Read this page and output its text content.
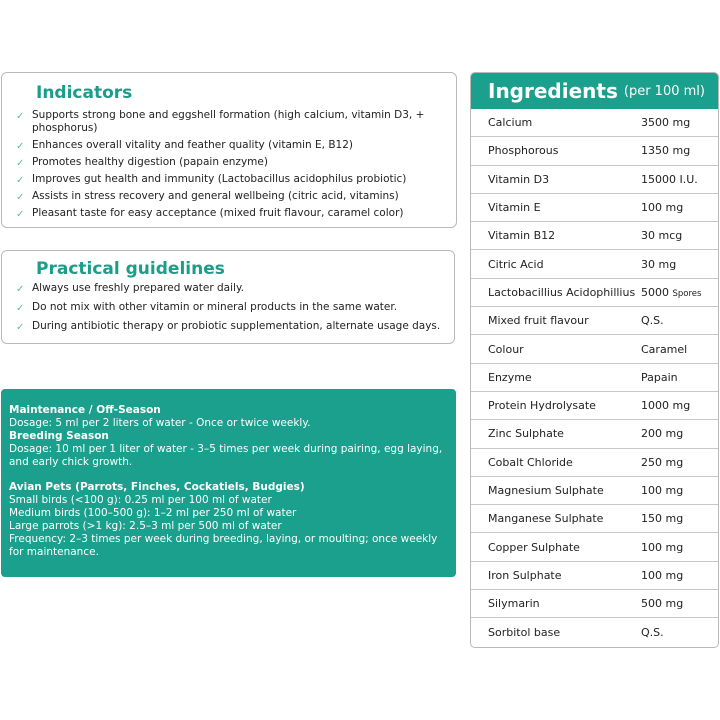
Indicators
✓ Supports strong bone and eggshell formation (high calcium, vitamin D3, + phosphorus)
✓ Enhances overall vitality and feather quality (vitamin E, B12)
✓ Promotes healthy digestion (papain enzyme)
✓ Improves gut health and immunity (Lactobacillus acidophilus probiotic)
✓ Assists in stress recovery and general wellbeing (citric acid, vitamins)
✓ Pleasant taste for easy acceptance (mixed fruit flavour, caramel color)
Practical guidelines
✓ Always use freshly prepared water daily.
✓ Do not mix with other vitamin or mineral products in the same water.
✓ During antibiotic therapy or probiotic supplementation, alternate usage days.
Maintenance / Off-Season
Dosage: 5 ml per 2 liters of water - Once or twice weekly.
Breeding Season
Dosage: 10 ml per 1 liter of water - 3–5 times per week during pairing, egg laying, and early chick growth.
Avian Pets (Parrots, Finches, Cockatiels, Budgies)
Small birds (<100 g): 0.25 ml per 100 ml of water
Medium birds (100–500 g): 1–2 ml per 250 ml of water
Large parrots (>1 kg): 2.5–3 ml per 500 ml of water
Frequency: 2–3 times per week during breeding, laying, or moulting; once weekly for maintenance.
Ingredients (per 100 ml)
Calcium	3500 mg
Phosphorous	1350 mg
Vitamin D3	15000 I.U.
Vitamin E	100 mg
Vitamin B12	30 mcg
Citric Acid	30 mg
Lactobacillius Acidophillius 5000 Spores
Mixed fruit flavour	Q.S.
Colour	Caramel
Enzyme	Papain
Protein Hydrolysate	1000 mg
Zinc Sulphate	200 mg
Cobalt Chloride	250 mg
Magnesium Sulphate	100 mg
Manganese Sulphate	150 mg
Copper Sulphate	100 mg
Iron Sulphate	100 mg
Silymarin	500 mg
Sorbitol base	Q.S.
